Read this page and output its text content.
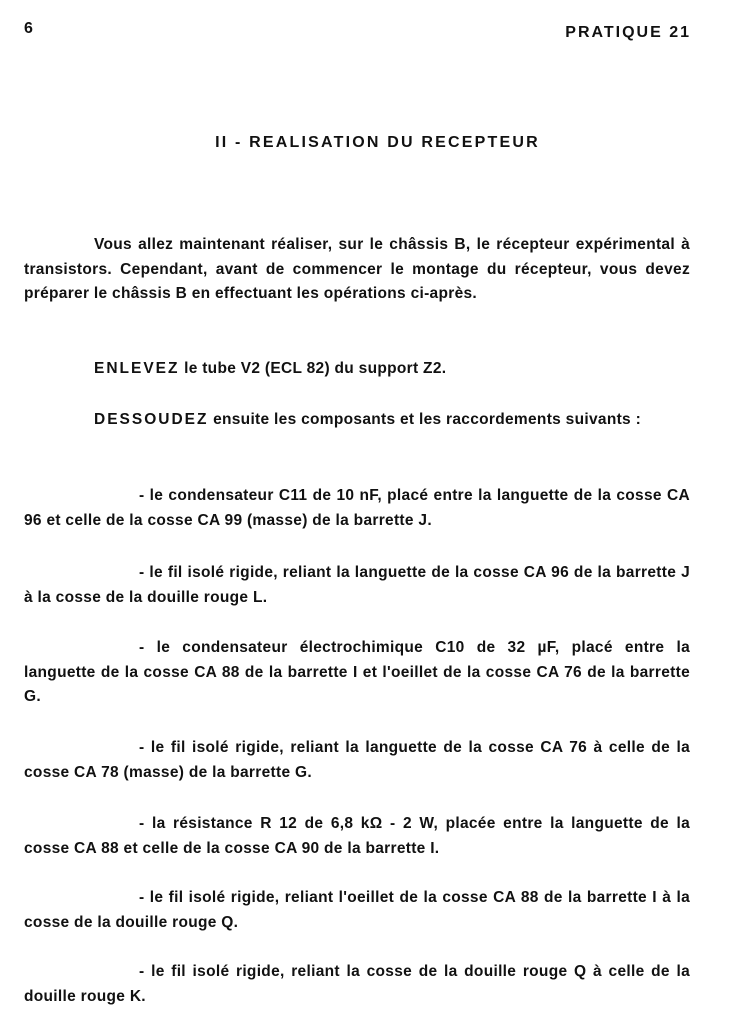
6	PRATIQUE 21
II - REALISATION DU RECEPTEUR

Vous allez maintenant réaliser, sur le châssis B, le récepteur expérimental à transistors. Cependant, avant de commencer le montage du récepteur, vous devez préparer le châssis B en effectuant les opérations ci-après.

ENLEVEZ le tube V2 (ECL 82) du support Z2.

DESSOUDEZ ensuite les composants et les raccordements suivants :

- le condensateur C11 de 10 nF, placé entre la languette de la cosse CA 96 et celle de la cosse CA 99 (masse) de la barrette J.

- le fil isolé rigide, reliant la languette de la cosse CA 96 de la barrette J à la cosse de la douille rouge L.

- le condensateur électrochimique C10 de 32 µF, placé entre la languette de la cosse CA 88 de la barrette I et l'oeillet de la cosse CA 76 de la barrette G.

- le fil isolé rigide, reliant la languette de la cosse CA 76 à celle de la cosse CA 78 (masse) de la barrette G.

- la résistance R 12 de 6,8 kΩ - 2 W, placée entre la languette de la cosse CA 88 et celle de la cosse CA 90 de la barrette I.

- le fil isolé rigide, reliant l'oeillet de la cosse CA 88 de la barrette I à la cosse de la douille rouge Q.

- le fil isolé rigide, reliant la cosse de la douille rouge Q à celle de la douille rouge K.
